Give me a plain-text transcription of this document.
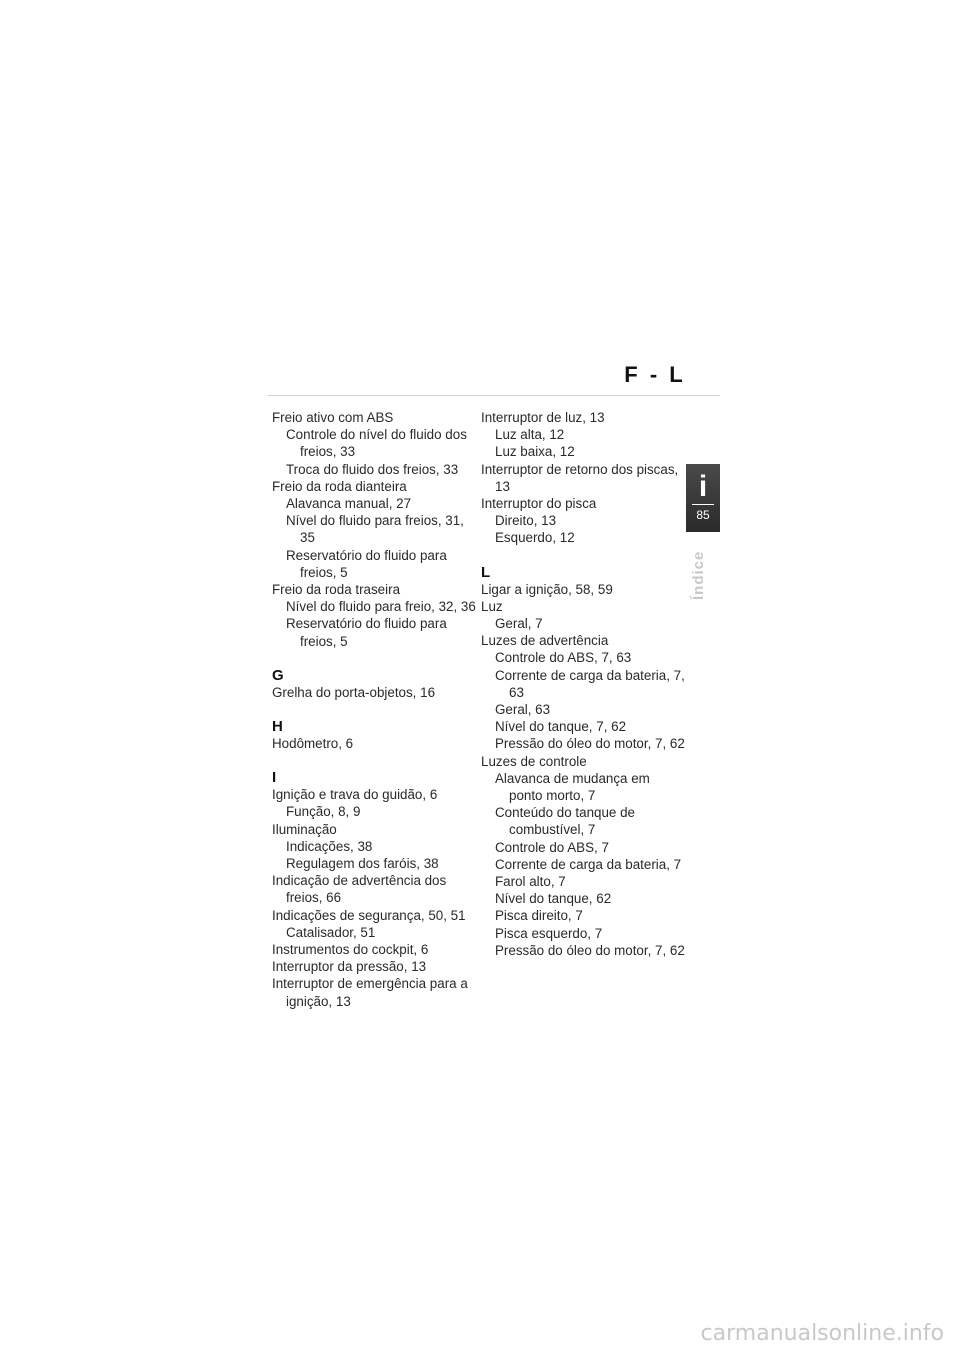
F - L
Freio ativo com ABS
Controle do nível do fluido dos freios, 33
Troca do fluido dos freios, 33
Freio da roda dianteira
Alavanca manual, 27
Nível do fluido para freios, 31, 35
Reservatório do fluido para freios, 5
Freio da roda traseira
Nível do fluido para freio, 32, 36
Reservatório do fluido para freios, 5
G
Grelha do porta-objetos, 16
H
Hodômetro, 6
I
Ignição e trava do guidão, 6
Função, 8, 9
Iluminação
Indicações, 38
Regulagem dos faróis, 38
Indicação de advertência dos freios, 66
Indicações de segurança, 50, 51
Catalisador, 51
Instrumentos do cockpit, 6
Interruptor da pressão, 13
Interruptor de emergência para a ignição, 13
Interruptor de luz, 13
Luz alta, 12
Luz baixa, 12
Interruptor de retorno dos piscas, 13
Interruptor do pisca
Direito, 13
Esquerdo, 12
L
Ligar a ignição, 58, 59
Luz
Geral, 7
Luzes de advertência
Controle do ABS, 7, 63
Corrente de carga da bateria, 7, 63
Geral, 63
Nível do tanque, 7, 62
Pressão do óleo do motor, 7, 62
Luzes de controle
Alavanca de mudança em ponto morto, 7
Conteúdo do tanque de combustível, 7
Controle do ABS, 7
Corrente de carga da bateria, 7
Farol alto, 7
Nível do tanque, 62
Pisca direito, 7
Pisca esquerdo, 7
Pressão do óleo do motor, 7, 62
i
85
Índice
carmanualsonline.info
